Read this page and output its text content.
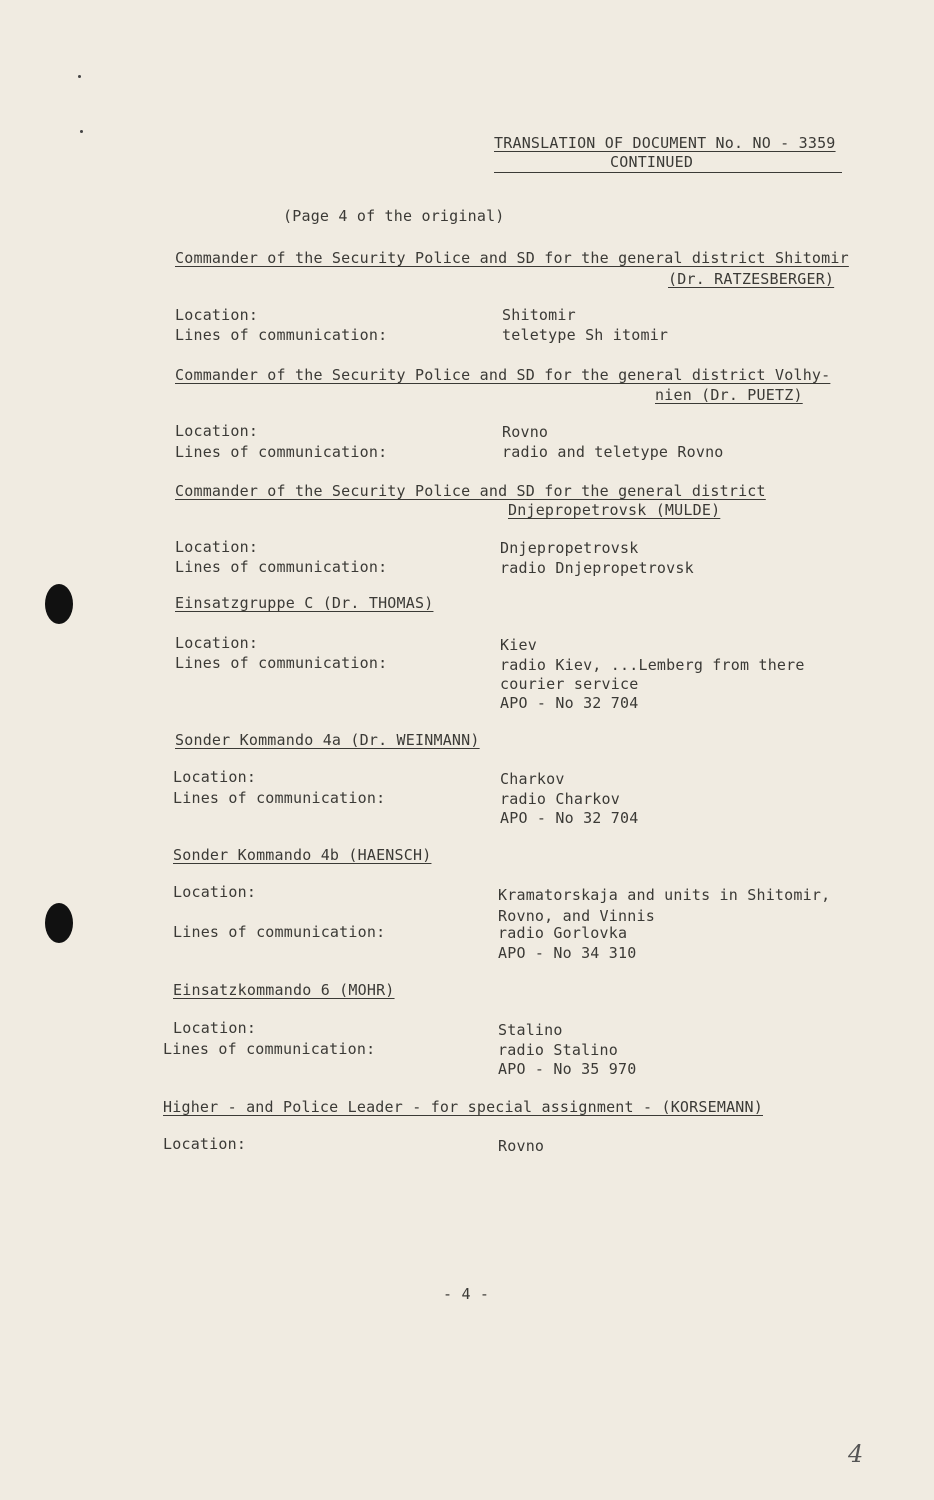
TRANSLATION OF DOCUMENT No. NO - 3359
CONTINUED
(Page 4 of the original)
Commander of the Security Police and SD for the general district Shitomir
(Dr. RATZESBERGER)
Location:	Shitomir
Lines of communication:	teletype Sh itomir
Commander of the Security Police and SD for the general district Volhy-
nien (Dr. PUETZ)
Location:	Rovno
Lines of communication:	radio and teletype Rovno
Commander of the Security Police and SD for the general district
Dnjepropetrovsk (MULDE)
Location:	Dnjepropetrovsk
Lines of communication:	radio Dnjepropetrovsk
Einsatzgruppe C (Dr. THOMAS)
Location:	Kiev
Lines of communication:	radio Kiev, ...Lemberg from there
courier service
APO - No 32 704
Sonder Kommando 4a (Dr. WEINMANN)
Location:	Charkov
Lines of communication:	radio Charkov
APO - No 32 704
Sonder Kommando 4b (HAENSCH)
Location:	Kramatorskaja and units in Shitomir,
Rovno, and Vinnis
Lines of communication:	radio Gorlovka
APO - No 34 310
Einsatzkommando 6 (MOHR)
Location:	Stalino
Lines of communication:	radio Stalino
APO - No 35 970
Higher - and Police Leader - for special assignment - (KORSEMANN)
Location:	Rovno
- 4 -
4
